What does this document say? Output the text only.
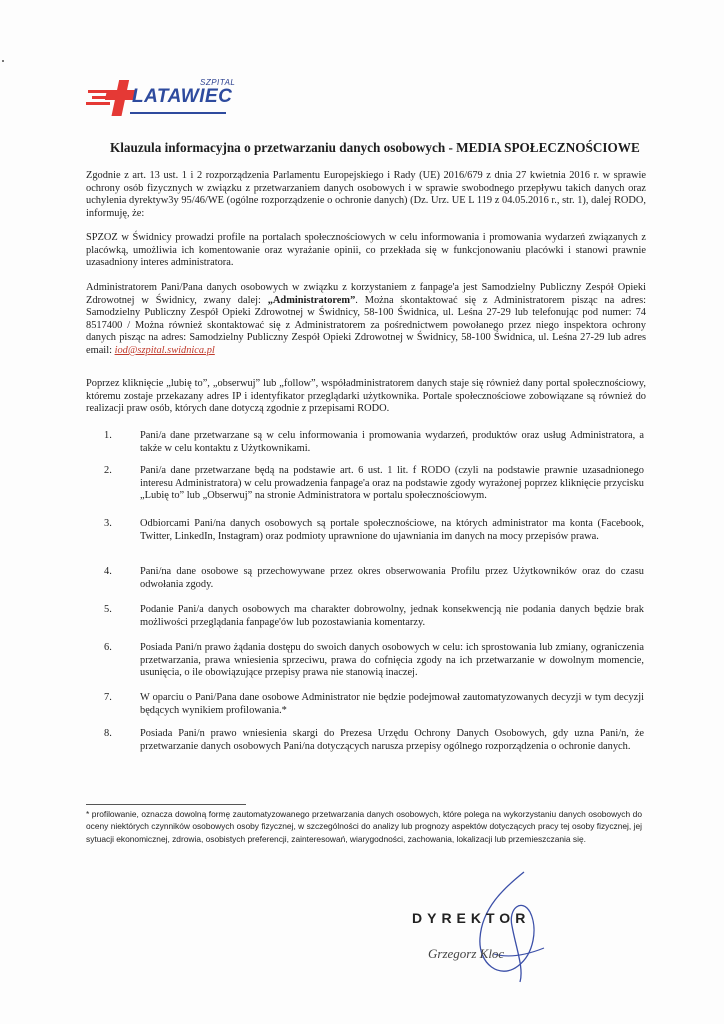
SZPITAL
LATAWIEC
Klauzula informacyjna o przetwarzaniu danych osobowych - MEDIA SPOŁECZNOŚCIOWE
Zgodnie z art. 13 ust. 1 i 2 rozporządzenia Parlamentu Europejskiego i Rady (UE) 2016/679 z dnia 27 kwietnia 2016 r. w sprawie ochrony osób fizycznych w związku z przetwarzaniem danych osobowych i w sprawie swobodnego przepływu takich danych oraz uchylenia dyrektyw3y 95/46/WE (ogólne rozporządzenie o ochronie danych) (Dz. Urz. UE L 119 z 04.05.2016 r., str. 1), dalej RODO, informuję, że:
SPZOZ w Świdnicy prowadzi profile na portalach społecznościowych w celu informowania i promowania wydarzeń związanych z placówką, umożliwia ich komentowanie oraz wyrażanie opinii, co przekłada się w funkcjonowaniu placówki i stanowi prawnie uzasadniony interes administratora.
Administratorem Pani/Pana danych osobowych w związku z korzystaniem z fanpage'a jest Samodzielny Publiczny Zespół Opieki Zdrowotnej w Świdnicy, zwany dalej: „Administratorem”. Można skontaktować się z Administratorem pisząc na adres: Samodzielny Publiczny Zespół Opieki Zdrowotnej w Świdnicy, 58-100 Świdnica, ul. Leśna 27-29 lub telefonując pod numer: 74 8517400 / Można również skontaktować się z Administratorem za pośrednictwem powołanego przez niego inspektora ochrony danych pisząc na adres: Samodzielny Publiczny Zespół Opieki Zdrowotnej w Świdnicy, 58-100 Świdnica, ul. Leśna 27-29 lub adres email: iod@szpital.swidnica.pl
Poprzez kliknięcie „lubię to”, „obserwuj” lub „follow”, współadministratorem danych staje się również dany portal społecznościowy, któremu zostaje przekazany adres IP i identyfikator przeglądarki użytkownika. Portale społecznościowe zobowiązane są również do realizacji praw osób, których dane dotyczą zgodnie z przepisami RODO.
1.	Pani/a dane przetwarzane są w celu informowania i promowania wydarzeń, produktów oraz usług Administratora, a także w celu kontaktu z Użytkownikami.
2.	Pani/a dane przetwarzane będą na podstawie art. 6 ust. 1 lit. f RODO (czyli na podstawie prawnie uzasadnionego interesu Administratora) w celu prowadzenia fanpage'a oraz na podstawie zgody wyrażonej poprzez kliknięcie przycisku „Lubię to” lub „Obserwuj” na stronie Administratora w portalu społecznościowym.
3.	Odbiorcami Pani/na danych osobowych są portale społecznościowe, na których administrator ma konta (Facebook, Twitter, LinkedIn, Instagram) oraz podmioty uprawnione do ujawniania im danych na mocy przepisów prawa.
4.	Pani/na dane osobowe są przechowywane przez okres obserwowania Profilu przez Użytkowników oraz do czasu odwołania zgody.
5.	Podanie Pani/a danych osobowych ma charakter dobrowolny, jednak konsekwencją nie podania danych będzie brak możliwości przeglądania fanpage'ów lub pozostawiania komentarzy.
6.	Posiada Pani/n prawo żądania dostępu do swoich danych osobowych w celu: ich sprostowania lub zmiany, ograniczenia przetwarzania, prawa wniesienia sprzeciwu, prawa do cofnięcia zgody na ich przetwarzanie w dowolnym momencie, usunięcia, o ile obowiązujące przepisy prawa nie stanowią inaczej.
7.	W oparciu o Pani/Pana dane osobowe Administrator nie będzie podejmował zautomatyzowanych decyzji w tym decyzji będących wynikiem profilowania.*
8.	Posiada Pani/n prawo wniesienia skargi do Prezesa Urzędu Ochrony Danych Osobowych, gdy uzna Pani/n, że przetwarzanie danych osobowych Pani/na dotyczących narusza przepisy ogólnego rozporządzenia o ochronie danych.
* profilowanie, oznacza dowolną formę zautomatyzowanego przetwarzania danych osobowych, które polega na wykorzystaniu danych osobowych do oceny niektórych czynników osobowych osoby fizycznej, w szczególności do analizy lub prognozy aspektów dotyczących pracy tej osoby fizycznej, jej sytuacji ekonomicznej, zdrowia, osobistych preferencji, zainteresowań, wiarygodności, zachowania, lokalizacji lub przemieszczania się.
DYREKTOR
Grzegorz Kloc
